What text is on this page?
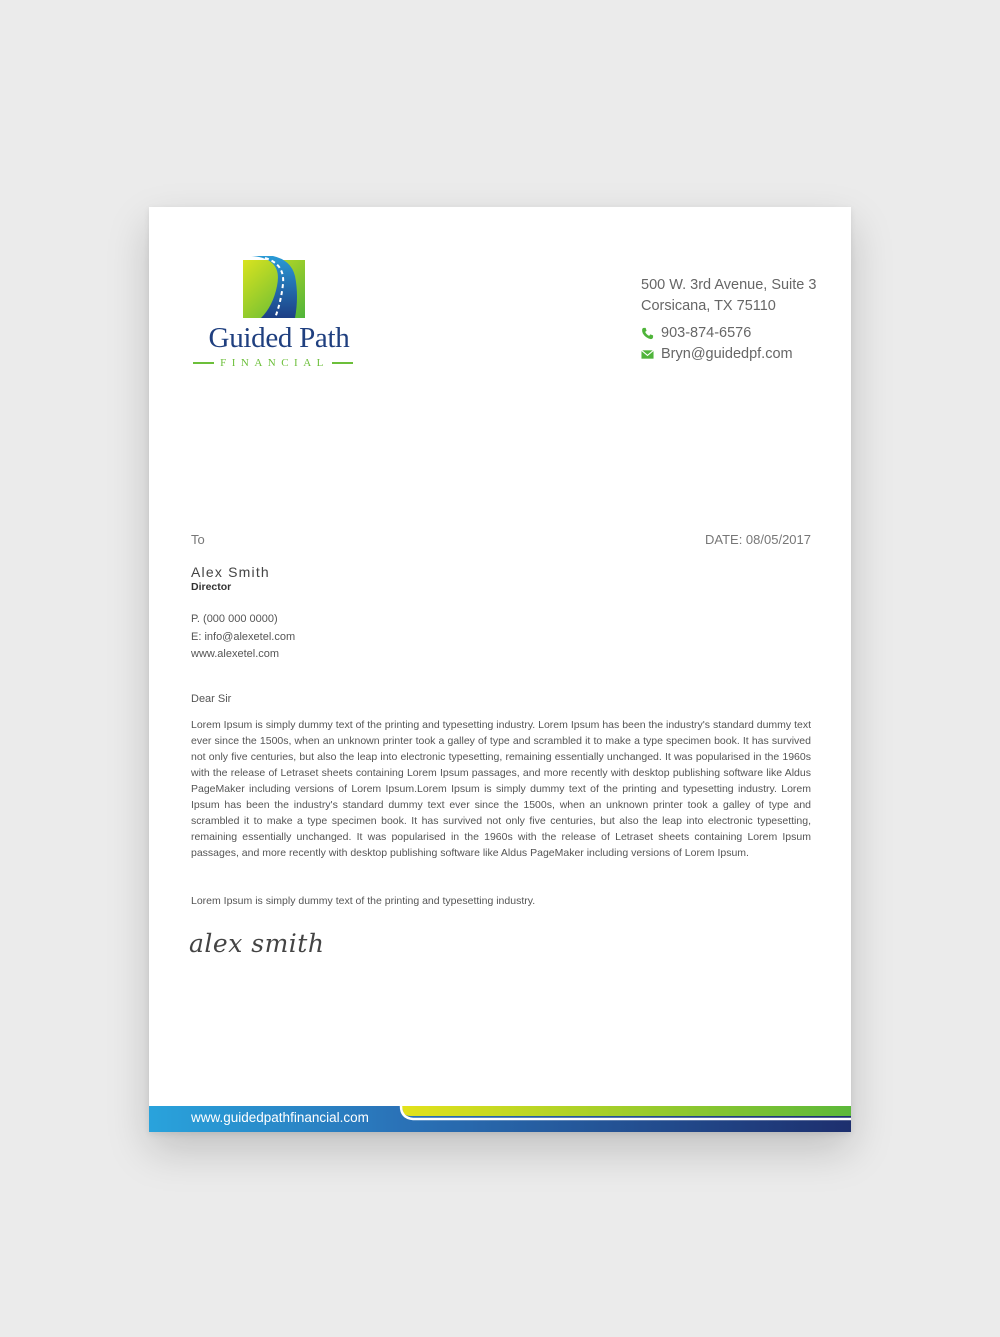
Guided Path
FINANCIAL
500 W. 3rd Avenue, Suite 3
Corsicana, TX 75110
903-874-6576
Bryn@guidedpf.com
To	DATE: 08/05/2017
Alex Smith
Director
P. (000 000 0000)
E: info@alexetel.com
www.alexetel.com
Dear Sir

Lorem Ipsum is simply dummy text of the printing and typesetting industry. Lorem Ipsum has been the industry's standard dummy text ever since the 1500s, when an unknown printer took a galley of type and scrambled it to make a type specimen book. It has survived not only five centuries, but also the leap into electronic typesetting, remaining essentially unchanged. It was popularised in the 1960s with the release of Letraset sheets containing Lorem Ipsum passages, and more recently with desktop publishing software like Aldus PageMaker including versions of Lorem Ipsum.Lorem Ipsum is simply dummy text of the printing and typesetting industry. Lorem Ipsum has been the industry's standard dummy text ever since the 1500s, when an unknown printer took a galley of type and scrambled it to make a type specimen book. It has survived not only five centuries, but also the leap into electronic typesetting, remaining essentially unchanged. It was popularised in the 1960s with the release of Letraset sheets containing Lorem Ipsum passages, and more recently with desktop publishing software like Aldus PageMaker including versions of Lorem Ipsum.

Lorem Ipsum is simply dummy text of the printing and typesetting industry.

alex smith
www.guidedpathfinancial.com
